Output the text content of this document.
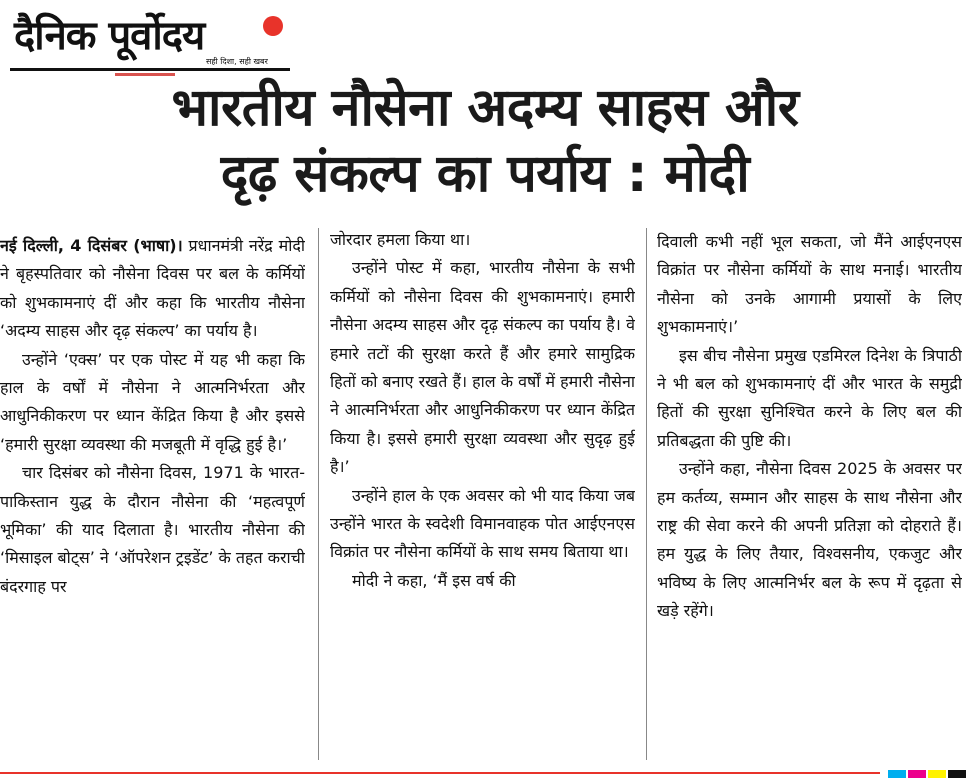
दैनिक पूर्वोदय
सही दिशा, सही खबर
भारतीय नौसेना अदम्य साहस और
दृढ़ संकल्प का पर्याय : मोदी

नई दिल्ली, 4 दिसंबर (भाषा)। प्रधानमंत्री नरेंद्र मोदी ने बृहस्पतिवार को नौसेना दिवस पर बल के कर्मियों को शुभकामनाएं दीं और कहा कि भारतीय नौसेना ‘अदम्य साहस और दृढ़ संकल्प’ का पर्याय है।

उन्होंने ‘एक्स’ पर एक पोस्ट में यह भी कहा कि हाल के वर्षों में नौसेना ने आत्मनिर्भरता और आधुनिकीकरण पर ध्यान केंद्रित किया है और इससे ‘हमारी सुरक्षा व्यवस्था की मजबूती में वृद्धि हुई है।’

चार दिसंबर को नौसेना दिवस, 1971 के भारत-पाकिस्तान युद्ध के दौरान नौसेना की ‘महत्वपूर्ण भूमिका’ की याद दिलाता है। भारतीय नौसेना की ‘मिसाइल बोट्स’ ने ‘ऑपरेशन ट्रइडेंट’ के तहत कराची बंदरगाह पर

जोरदार हमला किया था।

उन्होंने पोस्ट में कहा, भारतीय नौसेना के सभी कर्मियों को नौसेना दिवस की शुभकामनाएं। हमारी नौसेना अदम्य साहस और दृढ़ संकल्प का पर्याय है। वे हमारे तटों की सुरक्षा करते हैं और हमारे सामुद्रिक हितों को बनाए रखते हैं। हाल के वर्षों में हमारी नौसेना ने आत्मनिर्भरता और आधुनिकीकरण पर ध्यान केंद्रित किया है। इससे हमारी सुरक्षा व्यवस्था और सुदृढ़ हुई है।’

उन्होंने हाल के एक अवसर को भी याद किया जब उन्होंने भारत के स्वदेशी विमानवाहक पोत आईएनएस विक्रांत पर नौसेना कर्मियों के साथ समय बिताया था।

मोदी ने कहा, ‘मैं इस वर्ष की

दिवाली कभी नहीं भूल सकता, जो मैंने आईएनएस विक्रांत पर नौसेना कर्मियों के साथ मनाई। भारतीय नौसेना को उनके आगामी प्रयासों के लिए शुभकामनाएं।’

इस बीच नौसेना प्रमुख एडमिरल दिनेश के त्रिपाठी ने भी बल को शुभकामनाएं दीं और भारत के समुद्री हितों की सुरक्षा सुनिश्चित करने के लिए बल की प्रतिबद्धता की पुष्टि की।

उन्होंने कहा, नौसेना दिवस 2025 के अवसर पर हम कर्तव्य, सम्मान और साहस के साथ नौसेना और राष्ट्र की सेवा करने की अपनी प्रतिज्ञा को दोहराते हैं। हम युद्ध के लिए तैयार, विश्वसनीय, एकजुट और भविष्य के लिए आत्मनिर्भर बल के रूप में दृढ़ता से खड़े रहेंगे।
